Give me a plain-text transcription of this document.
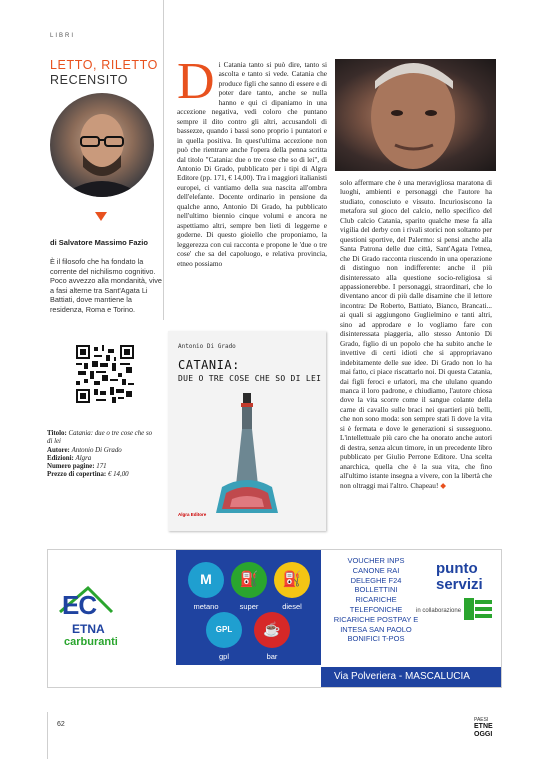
LIBRI
LETTO, RILETTO
RECENSITO
di Salvatore Massimo Fazio
È il filosofo che ha fondato la corrente del nichilismo cognitivo. Poco avvezzo alla mondanità, vive a fasi alterne tra Sant'Agata Li Battiati, dove mantiene la residenza, Roma e Torino.

Titolo: Catania: due o tre cose che so di lei

Autore: Antonio Di Grado

Edizioni: Algra

Numero pagine: 171

Prezzo di copertina: € 14,00

D i Catania tanto si può dire, tanto si ascolta e tanto si vede. Catania che produce figli che sanno di essere e di poter dare tanto, anche se nulla hanno e qui ci dipaniamo in una accezione negativa, vedi coloro che puntano sempre il dito contro gli altri, accusandoli di bassezze, quando i bassi sono proprio i puntatori e in quella positiva. In quest'ultima accezione non può che rientrare anche l'opera della penna scritta dal titolo "Catania: due o tre cose che so di lei", di Antonio Di Grado, pubblicato per i tipi di Algra Editore (pp. 171, € 14,00). Tra i maggiori italianisti europei, ci vantiamo della sua nascita all'ombra dell'elefante. Docente ordinario in pensione da qualche anno, Antonio Di Grado, ha pubblicato nell'ultimo biennio cinque volumi e ancora ne aspettiamo altri, sempre ben lieti di leggerne e goderne. Di questo gioiello che proponiamo, la leggerezza con cui racconta e propone le 'due o tre cose' che sa del capoluogo, e relativa provincia, etneo possiamo
solo affermare che è una meravigliosa maratona di luoghi, ambienti e personaggi che l'autore ha studiato, conosciuto e vissuto. Incuriosiscono la metafora sul gioco del calcio, nello specifico del Club calcio Catania, sparito qualche mese fa alla vigilia del derby con i rivali storici non soltanto per questioni sportive, del Palermo: si pensi anche alla Santa Patrona delle due città, Sant'Agata l'etnea, che Di Grado racconta riuscendo in una operazione di distinguo non indifferente: anche il più disinteressato alla questione socio-religiosa si appassionerebbe. I personaggi, straordinari, che lo diventano ancor di più dalle disamine che il lettore incontra: De Roberto, Battiato, Bianco, Brancati... ai quali si aggiungono Guglielmino e tanti altri, sino ad approdare e lo vogliamo fare con disinteressata piaggeria, allo stesso Antonio Di Grado, figlio di un popolo che ha subito anche le invettive di certi idioti che si appropriavano indebitamente delle sue idee. Di Grado non lo ha mai fatto, ci piace riscattarlo noi. Di questa Catania, dai figli feroci e urlatori, ma che ululano quando manca il loro padrone, e chiudiamo, l'autore chiosa dove la vita scorre come il sangue colante della carne di cavallo sulle braci nei quartieri più belli, che non sono moda: son sempre stati lì dove la vita si è fermata e dove le generazioni si susseguono. L'intellettuale più caro che ha onorato anche autori di destra, senza alcun timore, in un precedente libro pubblicato per Giulio Perrone Editore. Una scelta anarchica, quella che è la sua vita, che fino all'ultimo istante insegna a vivere, con la libertà che non oltraggi mai l'altro. Chapeau! ◆
Antonio Di Grado
CATANIA:
DUE O TRE COSE CHE SO DI LEI
Algra Editore
EC
ETNA
carburanti
M
metano
⛽
super
⛽
diesel
GPL
gpl
☕
bar
VOUCHER INPS
CANONE RAI
DELEGHE F24
BOLLETTINI
RICARICHE
TELEFONICHE
RICARICHE POSTPAY E
INTESA SAN PAOLO
BONIFICI T-POS
punto
servizi
in collaborazione
Via Polveriera - MASCALUCIA
62
PAESI
ETNE
OGGI
